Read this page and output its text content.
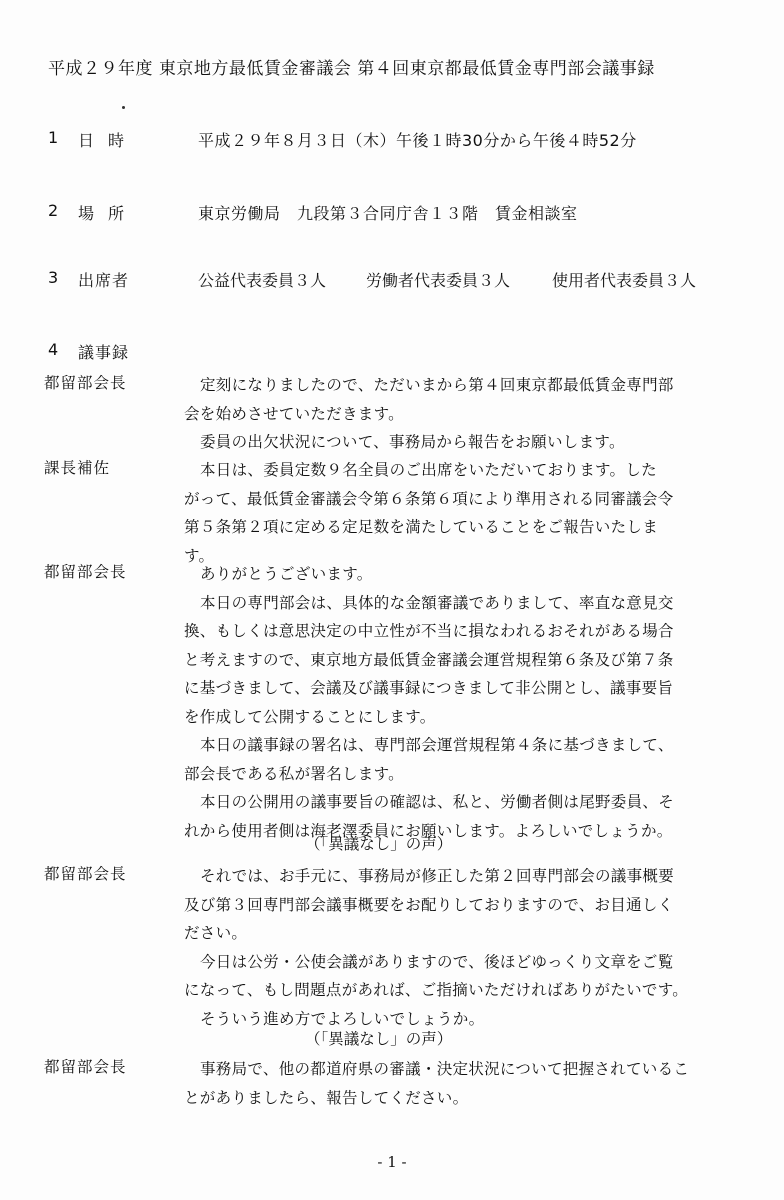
平成２９年度 東京地方最低賃金審議会 第４回東京都最低賃金専門部会議事録
1 日時	平成２９年８月３日（木）午後１時30分から午後４時52分
2 場所	東京労働局　九段第３合同庁舎１３階　賃金相談室
3 出席者	公益代表委員３人 労働者代表委員３人	使用者代表委員３人
4 議事録
都留部会長	定刻になりましたので、ただいまから第４回東京都最低賃金専門部
会を始めさせていただきます。
委員の出欠状況について、事務局から報告をお願いします。
課長補佐	本日は、委員定数９名全員のご出席をいただいております。した
がって、最低賃金審議会令第６条第６項により準用される同審議会令
第５条第２項に定める定足数を満たしていることをご報告いたしま
す。
都留部会長	ありがとうございます。
本日の専門部会は、具体的な金額審議でありまして、率直な意見交
換、もしくは意思決定の中立性が不当に損なわれるおそれがある場合
と考えますので、東京地方最低賃金審議会運営規程第６条及び第７条
に基づきまして、会議及び議事録につきまして非公開とし、議事要旨
を作成して公開することにします。
本日の議事録の署名は、専門部会運営規程第４条に基づきまして、
部会長である私が署名します。
本日の公開用の議事要旨の確認は、私と、労働者側は尾野委員、そ
れから使用者側は海老澤委員にお願いします。よろしいでしょうか。
（「異議なし」の声）
都留部会長	それでは、お手元に、事務局が修正した第２回専門部会の議事概要
及び第３回専門部会議事概要をお配りしておりますので、お目通しく
ださい。
今日は公労・公使会議がありますので、後ほどゆっくり文章をご覧
になって、もし問題点があれば、ご指摘いただければありがたいです。
そういう進め方でよろしいでしょうか。
（「異議なし」の声）
都留部会長	事務局で、他の都道府県の審議・決定状況について把握されているこ
とがありましたら、報告してください。
- 1 -
